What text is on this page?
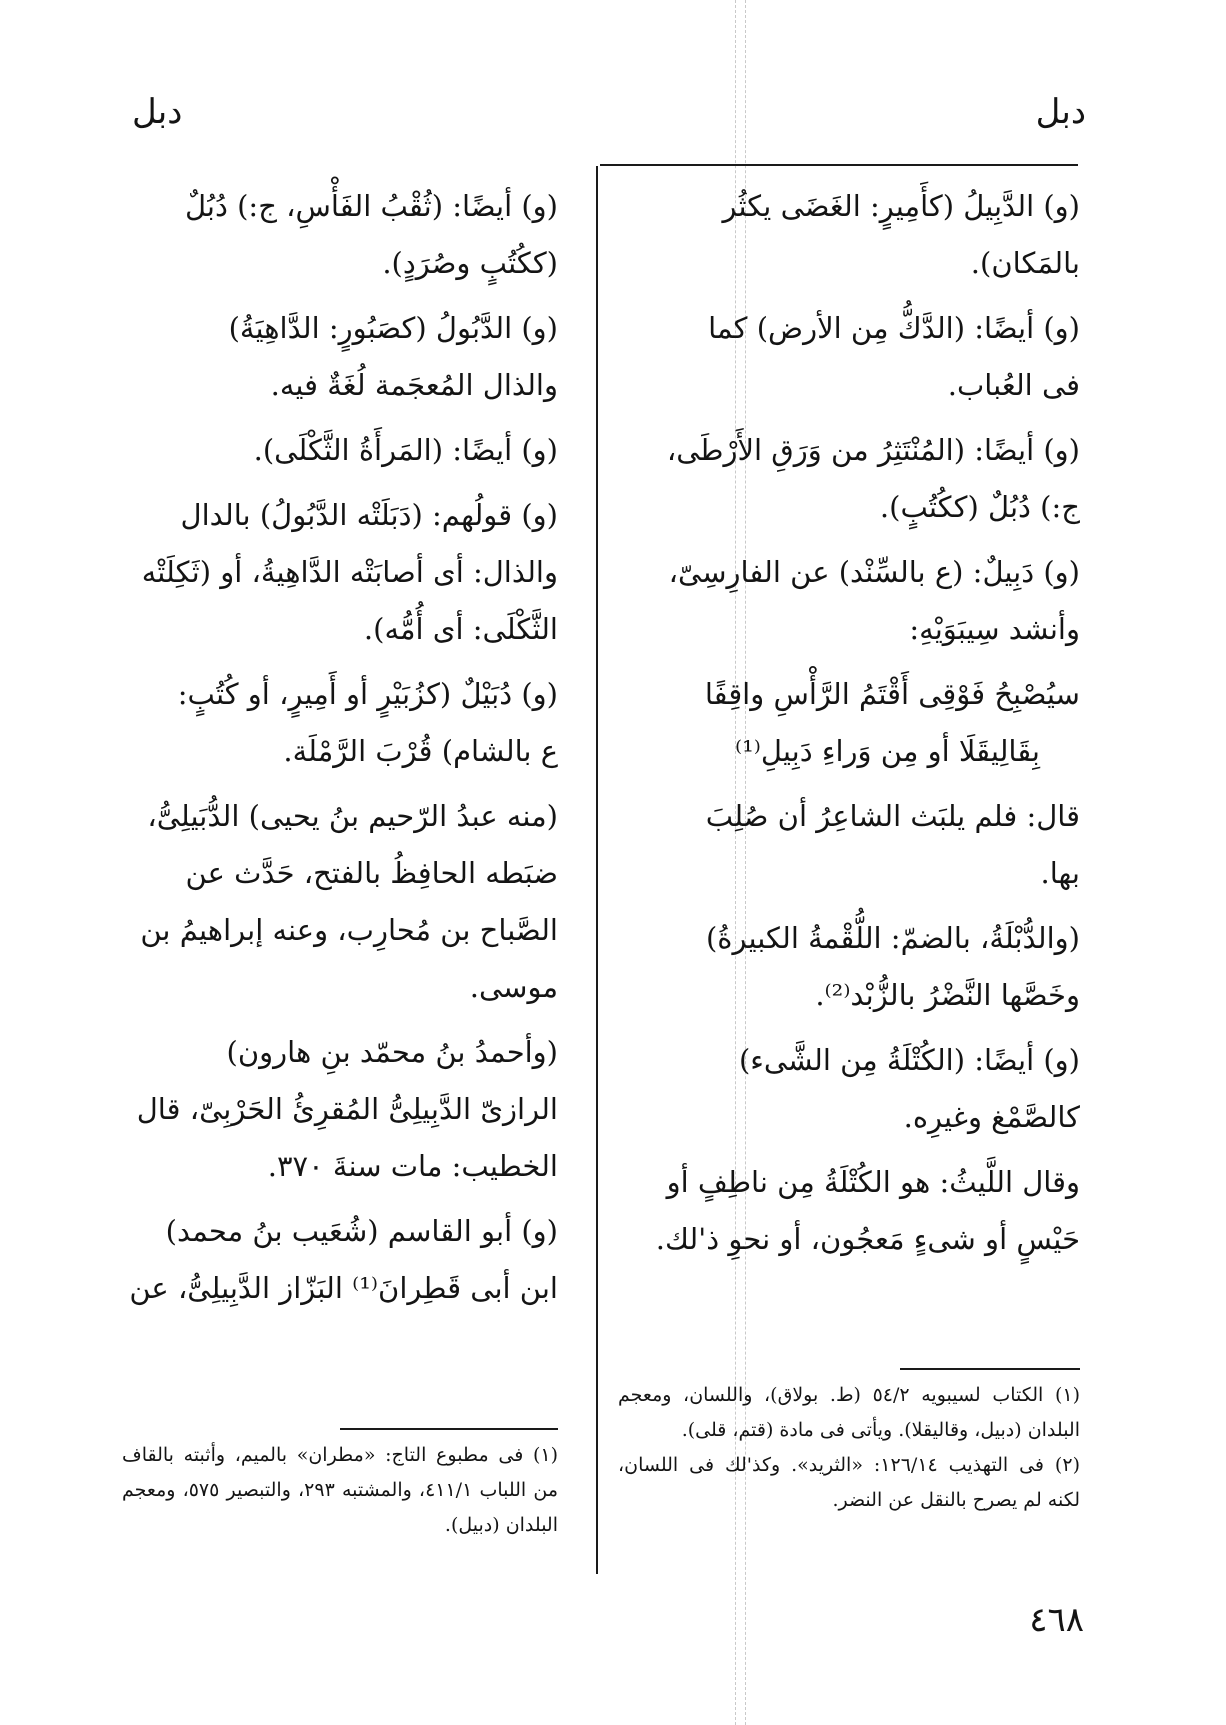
دبل
دبل
(و) الدَّبِيلُ (كأَمِيرٍ: الغَضَى يكثُر
بالمَكان).
(و) أيضًا: (الدَّكُّ مِن الأرض) كما
فى العُباب.
(و) أيضًا: (المُنْتَثِرُ من وَرَقِ الأَرْطَى،
ج:) دُبُلٌ (ككُتُبٍ).
(و) دَبِيلٌ: (ع بالسِّنْد) عن الفارِسِىّ،
وأنشد سِيبَوَيْهِ:
سيُصْبِحُ فَوْقِى أَقْتَمُ الرَّأْسِ واقِفًا
بِقَالِيقَلَا أو مِن وَراءِ دَبِيلِ⁽¹⁾
قال: فلم يلبَث الشاعِرُ أن صُلِبَ
بها.
(والدُّبْلَةُ، بالضمّ: اللُّقْمةُ الكبيرةُ)
وخَصَّها النَّضْرُ بالزُّبْد⁽²⁾.
(و) أيضًا: (الكُتْلَةُ مِن الشَّىء)
كالصَّمْغ وغيرِه.
وقال اللَّيثُ: هو الكُتْلَةُ مِن ناطِفٍ أو
حَيْسٍ أو شىءٍ مَعجُون، أو نحوِ ذ'لك.
(و) أيضًا: (ثُقْبُ الفَأْسِ، ج:) دُبُلٌ
(ككُتُبٍ وصُرَدٍ).
(و) الدَّبُولُ (كصَبُورٍ: الدَّاهِيَةُ)
والذال المُعجَمة لُغَةٌ فيه.
(و) أيضًا: (المَرأَةُ الثَّكْلَى).
(و) قولُهم: (دَبَلَتْه الدَّبُولُ) بالدال
والذال: أى أصابَتْه الدَّاهِيةُ، أو (ثَكِلَتْه
الثَّكْلَى: أى أُمُّه).
(و) دُبَيْلٌ (كزُبَيْرٍ أو أَمِيرٍ، أو كُتُبٍ:
ع بالشام) قُرْبَ الرَّمْلَة.
(منه عبدُ الرّحيم بنُ يحيى) الدُّبَيلِىُّ،
ضبَطه الحافِظُ بالفتح، حَدَّث عن
الصَّباح بن مُحارِب، وعنه إبراهيمُ بن
موسى.
(وأحمدُ بنُ محمّد بنِ هارون)
الرازىّ الدَّبِيلِىُّ المُقرِئُ الحَرْبِىّ، قال
الخطيب: مات سنةَ ٣٧٠.
(و) أبو القاسم (شُعَيب بنُ محمد)
ابن أبى قَطِرانَ⁽¹⁾ البَزّاز الدَّبِيلِىُّ، عن

(١) الكتاب لسيبويه ٥٤/٢ (ط. بولاق)، واللسان، ومعجم البلدان (دبيل، وقاليقلا). ويأتى فى مادة (قتم، قلى).

(٢) فى التهذيب ١٢٦/١٤: «الثريد». وكذ'لك فى اللسان، لكنه لم يصرح بالنقل عن النضر.

(١) فى مطبوع التاج: «مطران» بالميم، وأثبته بالقاف من اللباب ٤١١/١، والمشتبه ٢٩٣، والتبصير ٥٧٥، ومعجم البلدان (دبيل).

٤٦٨
